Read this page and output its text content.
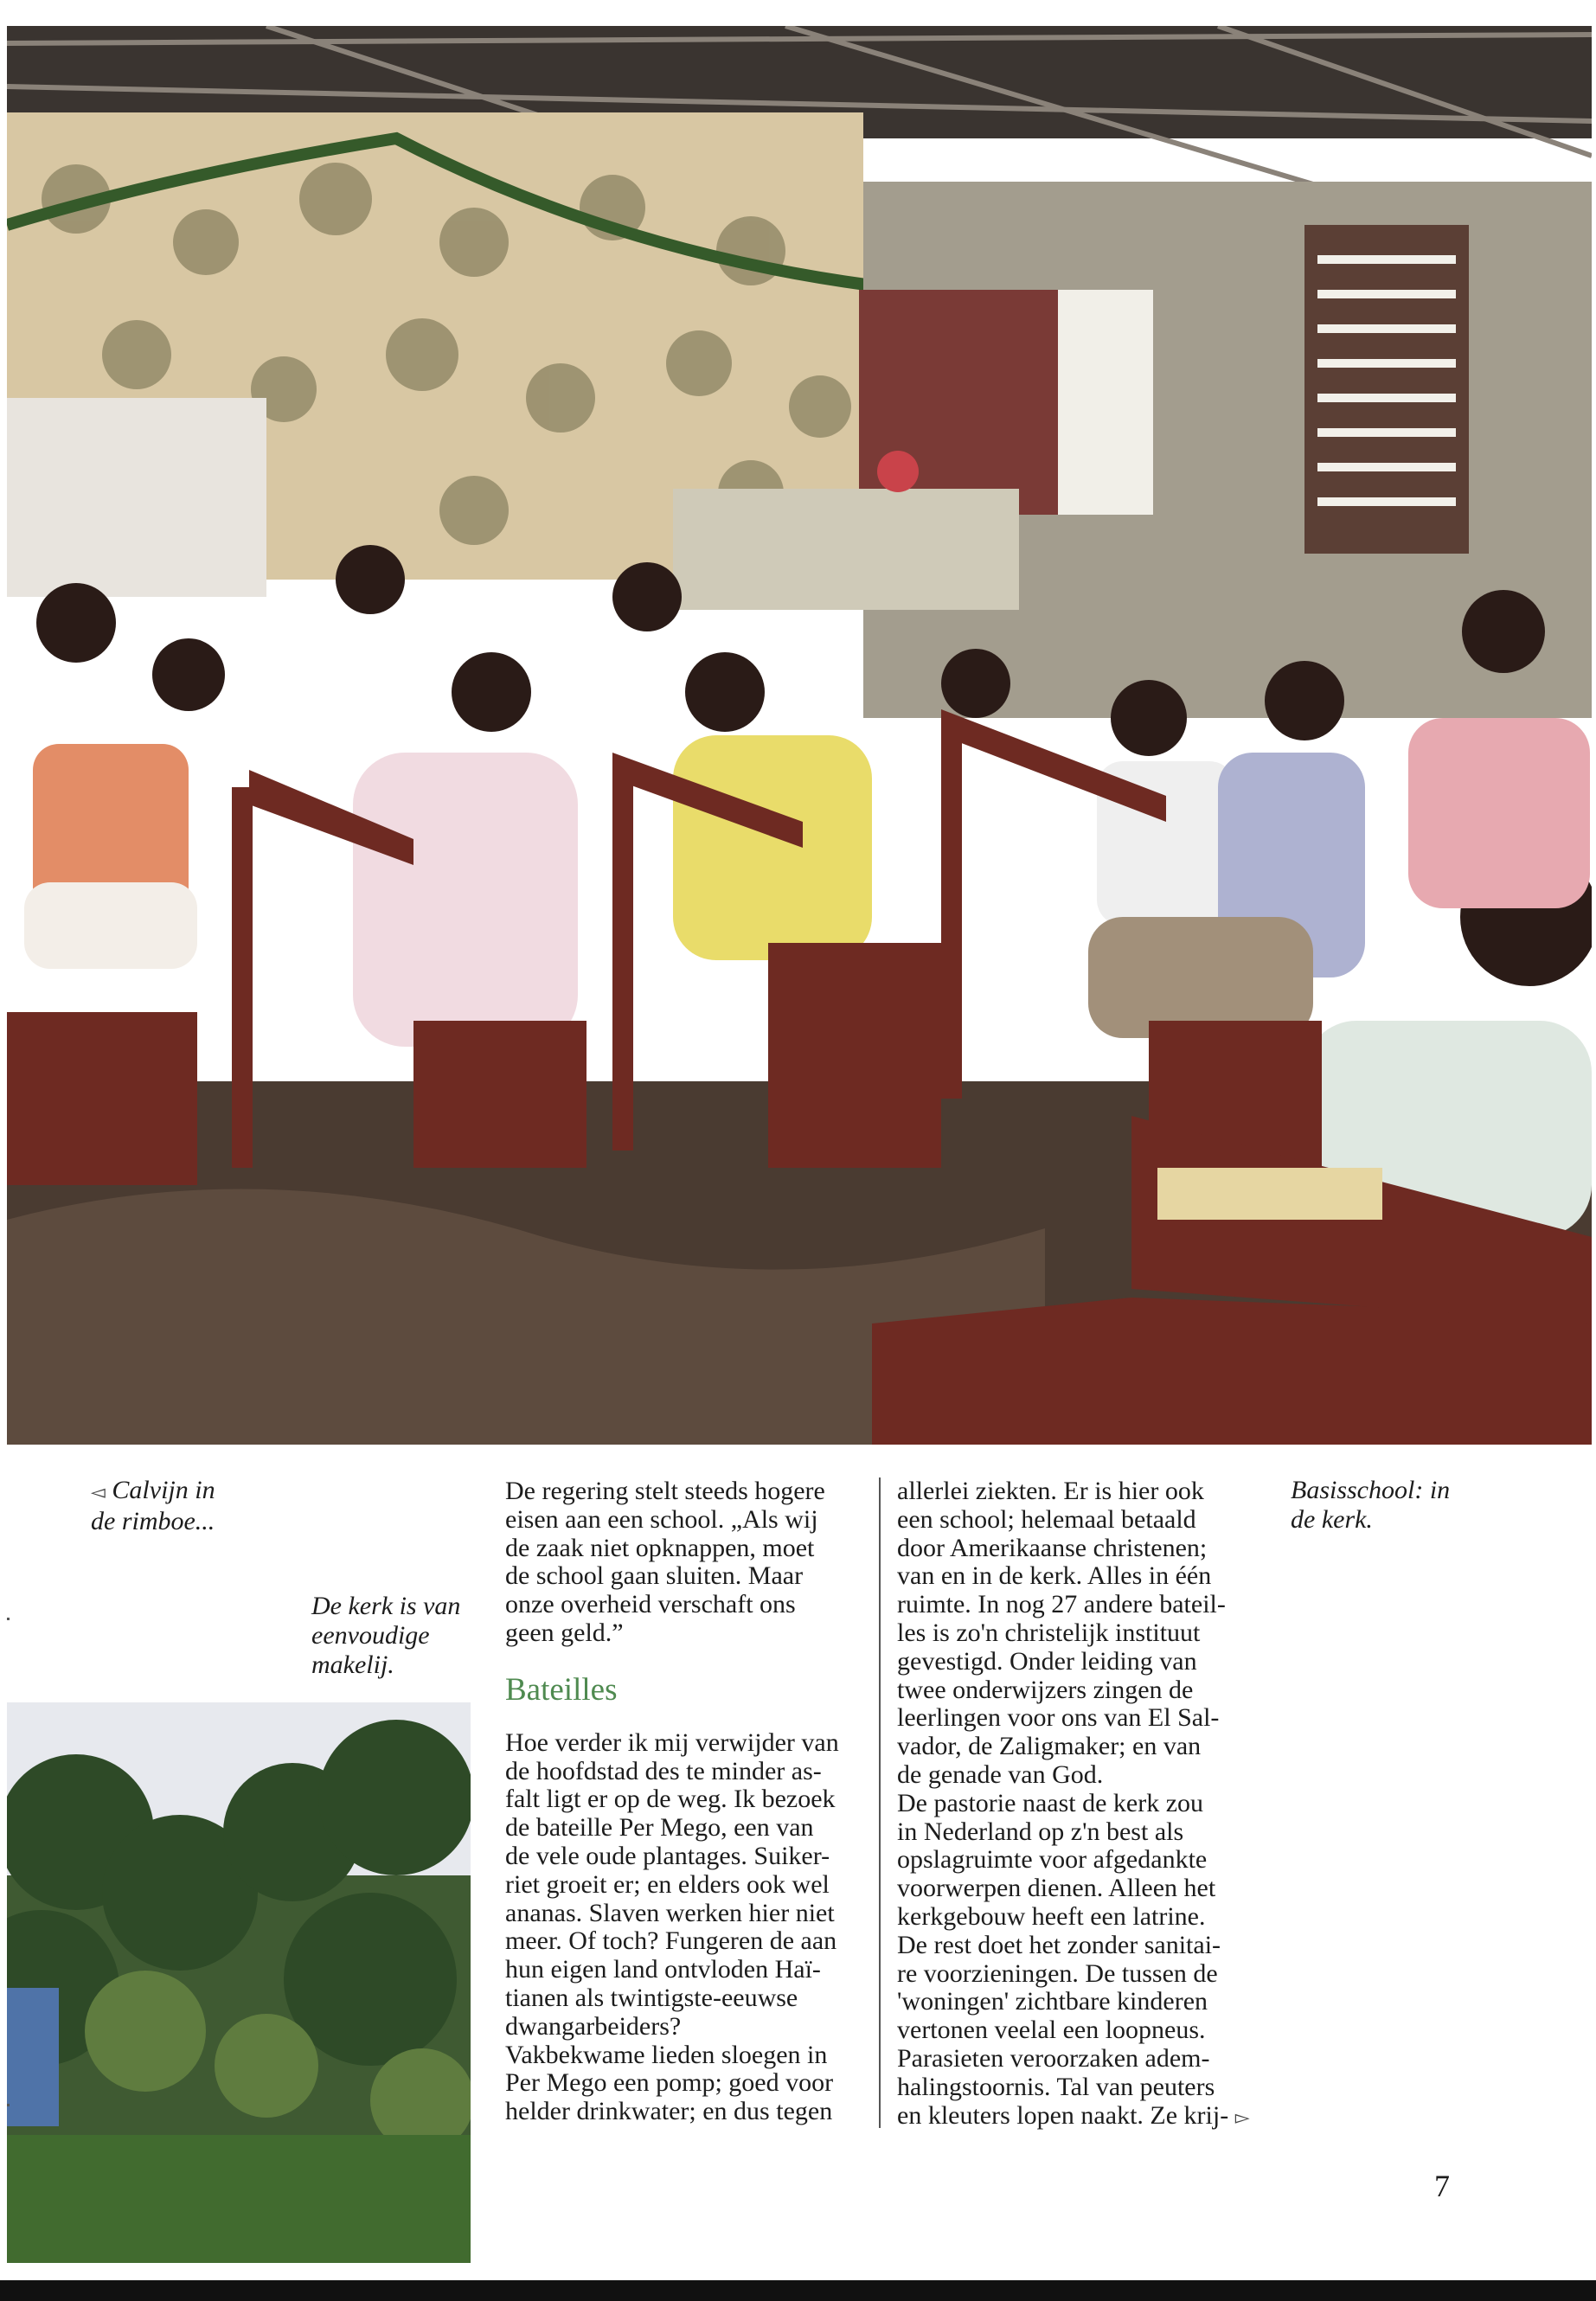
◅ Calvijn in
de rimboe...
De kerk is van
eenvoudige
makelij.
Basisschool: in
de kerk.

De regering stelt steeds hogere
eisen aan een school. „Als wij
de zaak niet opknappen, moet
de school gaan sluiten. Maar
onze overheid verschaft ons
geen geld.”

Bateilles

Hoe verder ik mij verwijder van
de hoofdstad des te minder as-
falt ligt er op de weg. Ik bezoek
de bateille Per Mego, een van
de vele oude plantages. Suiker-
riet groeit er; en elders ook wel
ananas. Slaven werken hier niet
meer. Of toch? Fungeren de aan
hun eigen land ontvloden Haï-
tianen als twintigste-eeuwse
dwangarbeiders?
Vakbekwame lieden sloegen in
Per Mego een pomp; goed voor
helder drinkwater; en dus tegen

allerlei ziekten. Er is hier ook
een school; helemaal betaald
door Amerikaanse christenen;
van en in de kerk. Alles in één
ruimte. In nog 27 andere bateil-
les is zo'n christelijk instituut
gevestigd. Onder leiding van
twee onderwijzers zingen de
leerlingen voor ons van El Sal-
vador, de Zaligmaker; en van
de genade van God.
De pastorie naast de kerk zou
in Nederland op z'n best als
opslagruimte voor afgedankte
voorwerpen dienen. Alleen het
kerkgebouw heeft een latrine.
De rest doet het zonder sanitai-
re voorzieningen. De tussen de
'woningen' zichtbare kinderen
vertonen veelal een loopneus.
Parasieten veroorzaken adem-
halingstoornis. Tal van peuters
en kleuters lopen naakt. Ze krij- ▻

7
